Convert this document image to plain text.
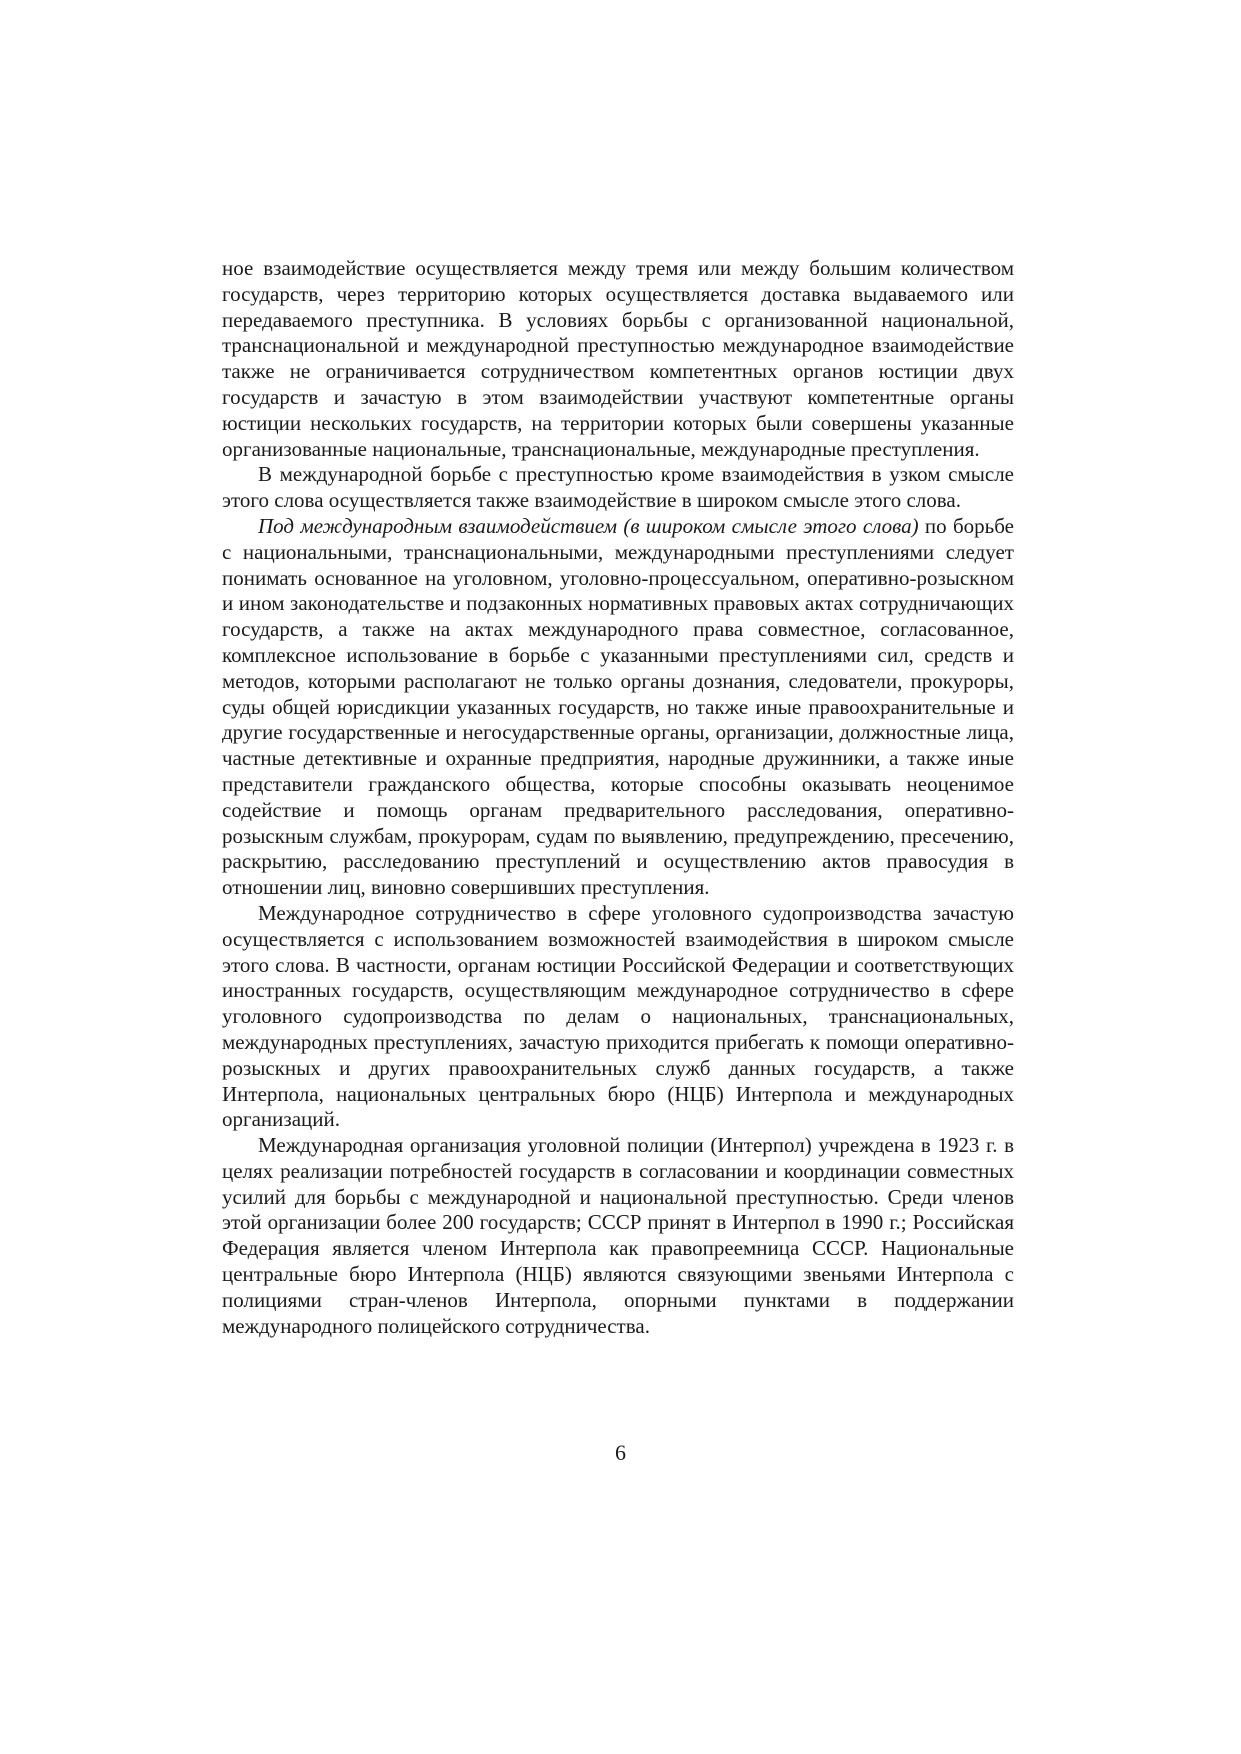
ное взаимодействие осуществляется между тремя или между большим количеством государств, через территорию которых осуществляется доставка выдаваемого или передаваемого преступника. В условиях борьбы с организованной национальной, транснациональной и международной преступностью международное взаимодействие также не ограничивается сотрудничеством компетентных органов юстиции двух государств и зачастую в этом взаимодействии участвуют компетентные органы юстиции нескольких государств, на территории которых были совершены указанные организованные национальные, транснациональные, международные преступления.

В международной борьбе с преступностью кроме взаимодействия в узком смысле этого слова осуществляется также взаимодействие в широком смысле этого слова.

Под международным взаимодействием (в широком смысле этого слова) по борьбе с национальными, транснациональными, международными преступлениями следует понимать основанное на уголовном, уголовно-процессуальном, оперативно-розыскном и ином законодательстве и подзаконных нормативных правовых актах сотрудничающих государств, а также на актах международного права совместное, согласованное, комплексное использование в борьбе с указанными преступлениями сил, средств и методов, которыми располагают не только органы дознания, следователи, прокуроры, суды общей юрисдикции указанных государств, но также иные правоохранительные и другие государственные и негосударственные органы, организации, должностные лица, частные детективные и охранные предприятия, народные дружинники, а также иные представители гражданского общества, которые способны оказывать неоценимое содействие и помощь органам предварительного расследования, оперативно-розыскным службам, прокурорам, судам по выявлению, предупреждению, пресечению, раскрытию, расследованию преступлений и осуществлению актов правосудия в отношении лиц, виновно совершивших преступления.

Международное сотрудничество в сфере уголовного судопроизводства зачастую осуществляется с использованием возможностей взаимодействия в широком смысле этого слова. В частности, органам юстиции Российской Федерации и соответствующих иностранных государств, осуществляющим международное сотрудничество в сфере уголовного судопроизводства по делам о национальных, транснациональных, международных преступлениях, зачастую приходится прибегать к помощи оперативно-розыскных и других правоохранительных служб данных государств, а также Интерпола, национальных центральных бюро (НЦБ) Интерпола и международных организаций.

Международная организация уголовной полиции (Интерпол) учреждена в 1923 г. в целях реализации потребностей государств в согласовании и координации совместных усилий для борьбы с международной и национальной преступностью. Среди членов этой организации более 200 государств; СССР принят в Интерпол в 1990 г.; Российская Федерация является членом Интерпола как правопреемница СССР. Национальные центральные бюро Интерпола (НЦБ) являются связующими звеньями Интерпола с полициями стран-членов Интерпола, опорными пунктами в поддержании международного полицейского сотрудничества.

6
